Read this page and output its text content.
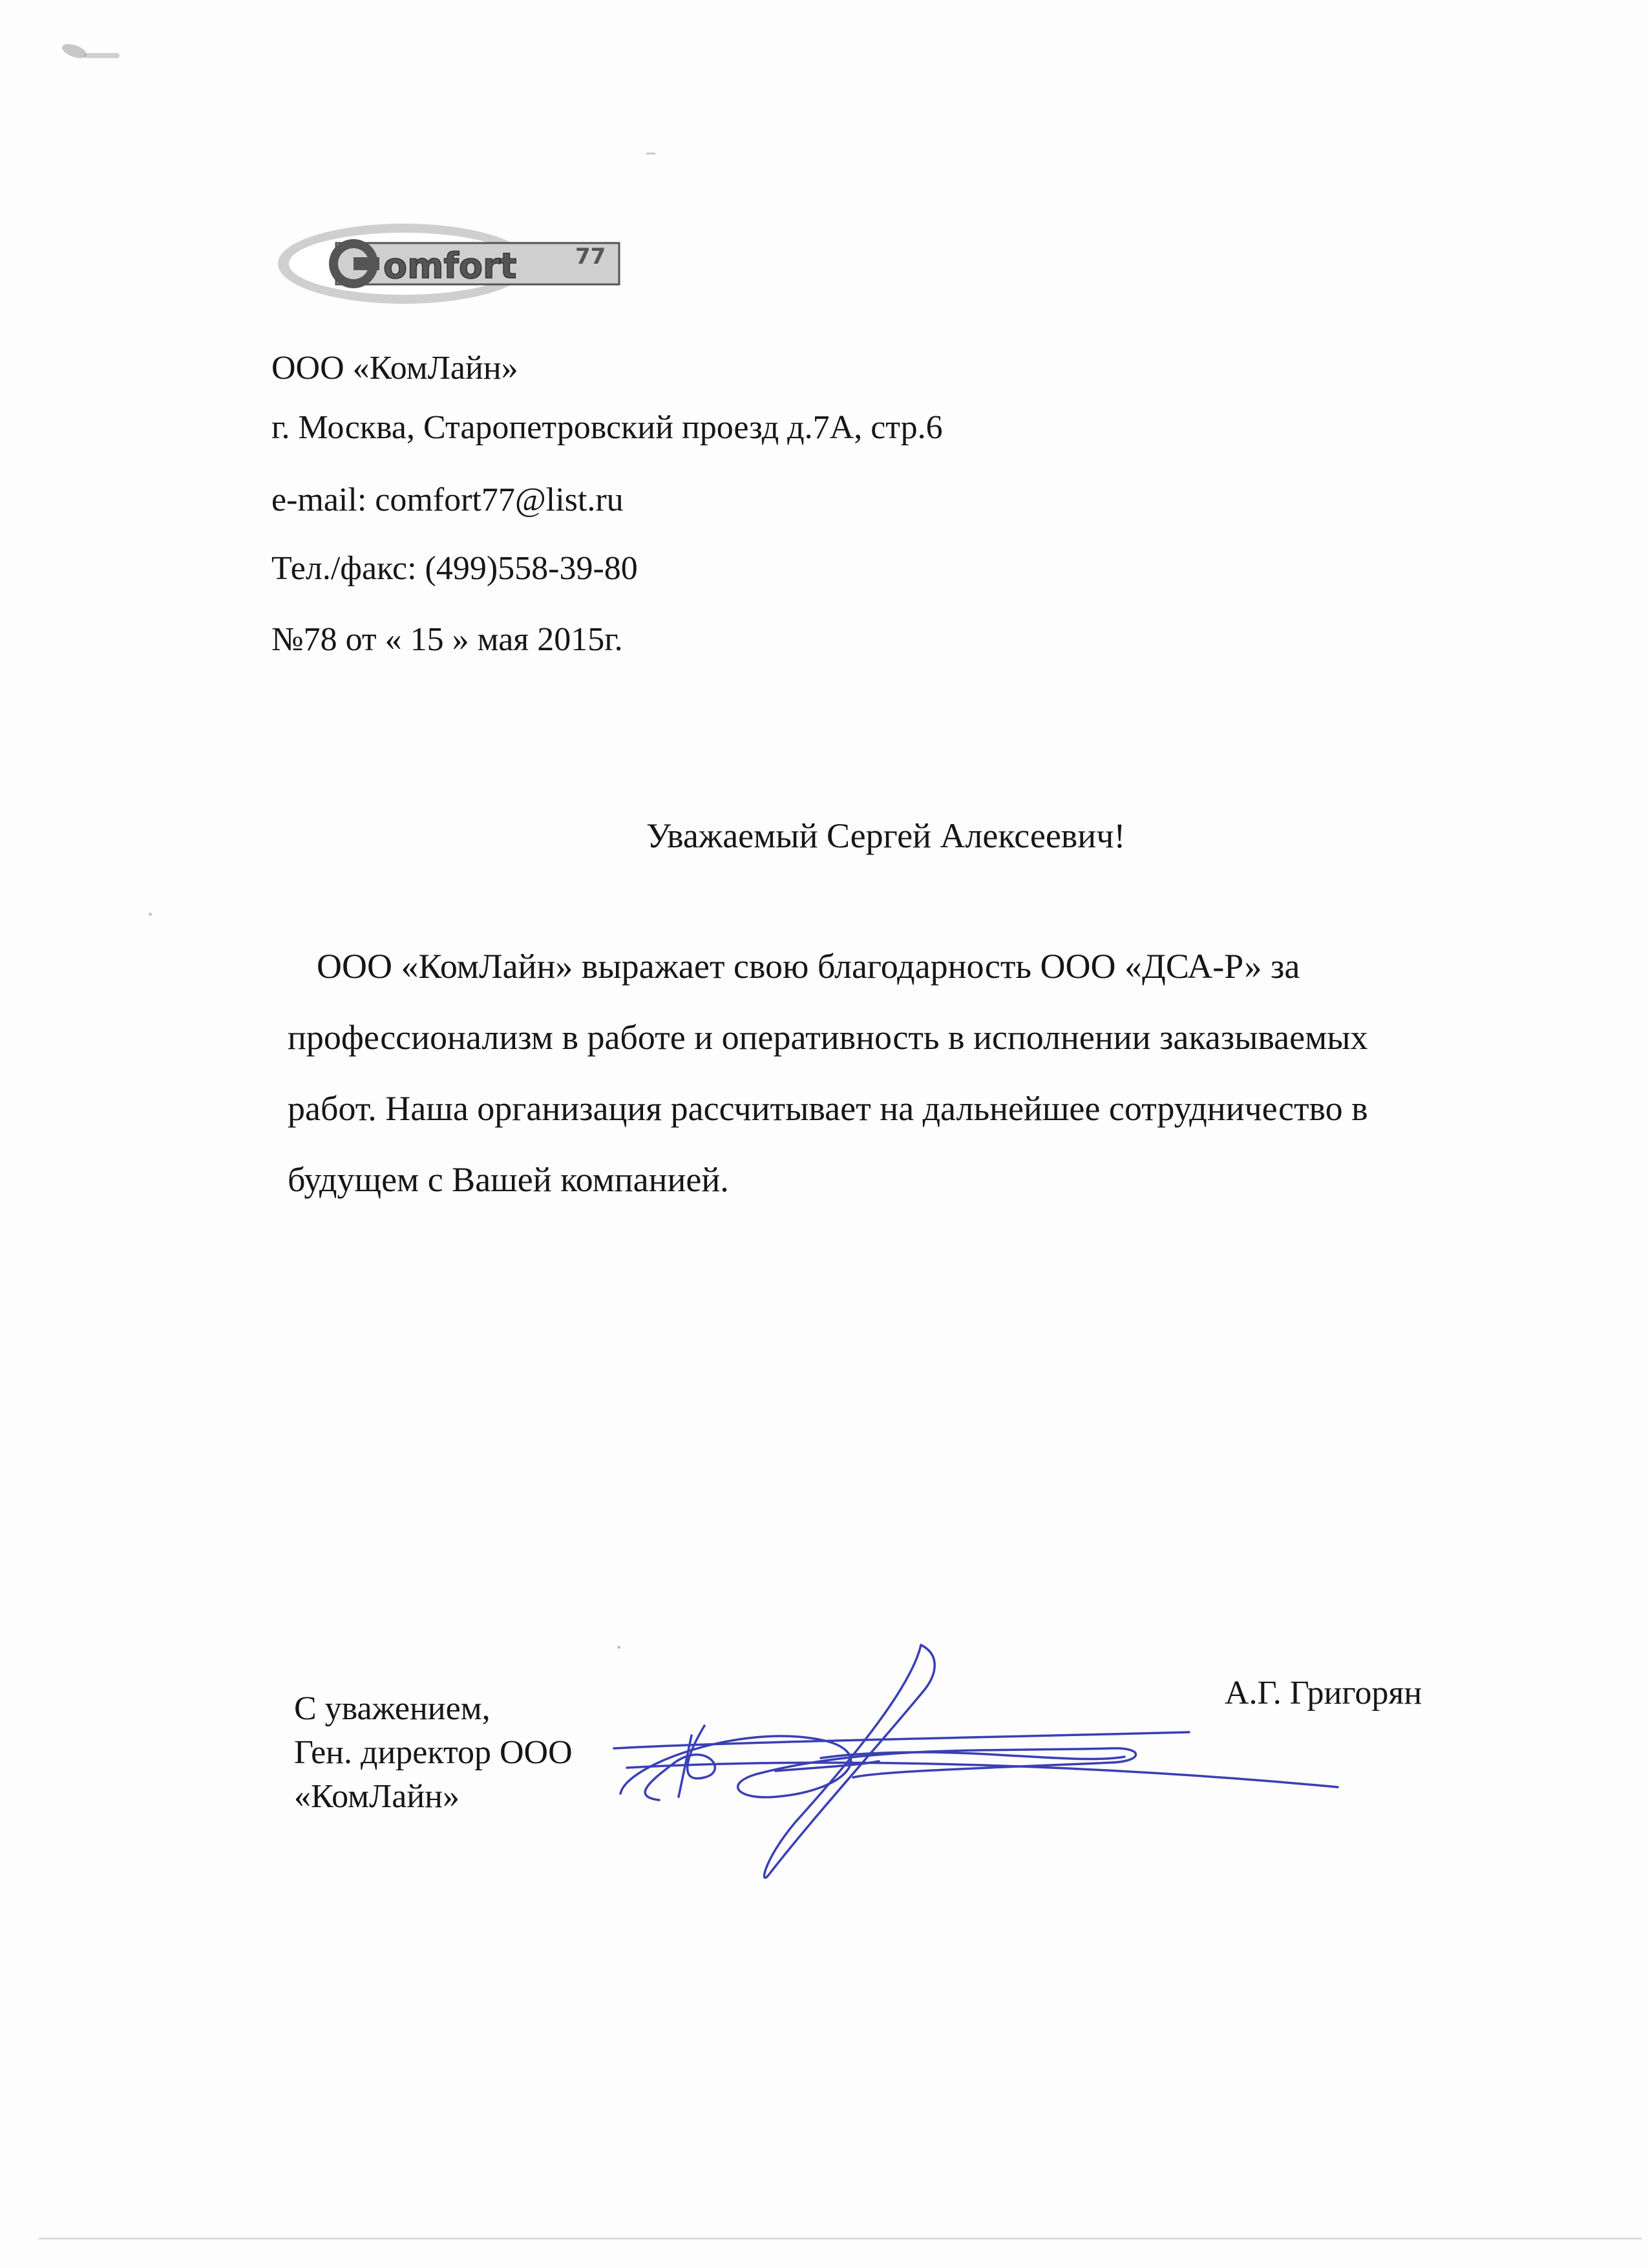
omfort	77
ООО «КомЛайн»
г. Москва, Старопетровский проезд д.7А, стр.6
e-mail: comfort77@list.ru
Тел./факс: (499)558-39-80
№78 от « 15 » мая 2015г.
Уважаемый Сергей Алексеевич!
ООО «КомЛайн» выражает свою благодарность ООО «ДСА-Р» за
профессионализм в работе и оперативность в исполнении заказываемых
работ. Наша организация рассчитывает на дальнейшее сотрудничество в
будущем с Вашей компанией.
А.Г. Григорян
С уважением,
Ген. директор ООО
«КомЛайн»
